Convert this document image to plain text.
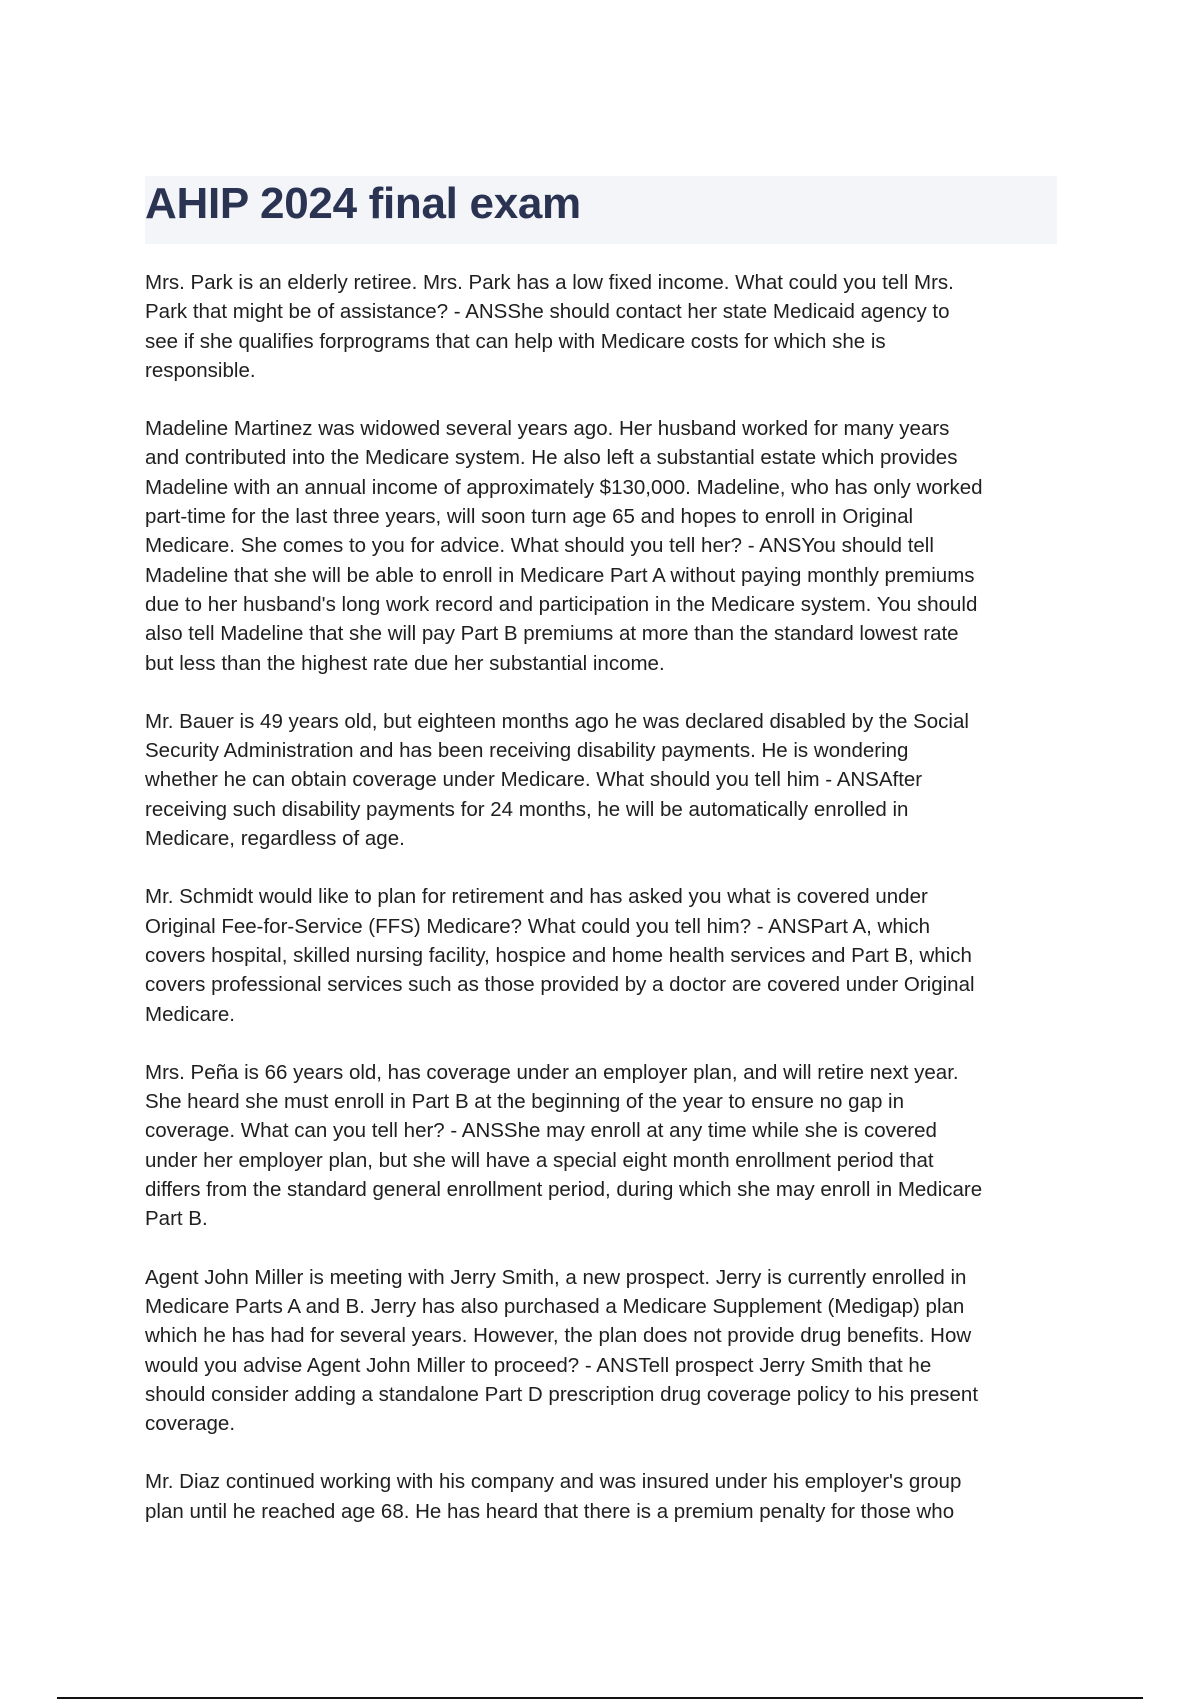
AHIP 2024 final exam

Mrs. Park is an elderly retiree. Mrs. Park has a low fixed income. What could you tell Mrs.
Park that might be of assistance? - ANSShe should contact her state Medicaid agency to
see if she qualifies forprograms that can help with Medicare costs for which she is
responsible.

Madeline Martinez was widowed several years ago. Her husband worked for many years
and contributed into the Medicare system. He also left a substantial estate which provides
Madeline with an annual income of approximately $130,000. Madeline, who has only worked
part-time for the last three years, will soon turn age 65 and hopes to enroll in Original
Medicare. She comes to you for advice. What should you tell her? - ANSYou should tell
Madeline that she will be able to enroll in Medicare Part A without paying monthly premiums
due to her husband's long work record and participation in the Medicare system. You should
also tell Madeline that she will pay Part B premiums at more than the standard lowest rate
but less than the highest rate due her substantial income.

Mr. Bauer is 49 years old, but eighteen months ago he was declared disabled by the Social
Security Administration and has been receiving disability payments. He is wondering
whether he can obtain coverage under Medicare. What should you tell him - ANSAfter
receiving such disability payments for 24 months, he will be automatically enrolled in
Medicare, regardless of age.

Mr. Schmidt would like to plan for retirement and has asked you what is covered under
Original Fee-for-Service (FFS) Medicare? What could you tell him? - ANSPart A, which
covers hospital, skilled nursing facility, hospice and home health services and Part B, which
covers professional services such as those provided by a doctor are covered under Original
Medicare.

Mrs. Peña is 66 years old, has coverage under an employer plan, and will retire next year.
She heard she must enroll in Part B at the beginning of the year to ensure no gap in
coverage. What can you tell her? - ANSShe may enroll at any time while she is covered
under her employer plan, but she will have a special eight month enrollment period that
differs from the standard general enrollment period, during which she may enroll in Medicare
Part B.

Agent John Miller is meeting with Jerry Smith, a new prospect. Jerry is currently enrolled in
Medicare Parts A and B. Jerry has also purchased a Medicare Supplement (Medigap) plan
which he has had for several years. However, the plan does not provide drug benefits. How
would you advise Agent John Miller to proceed? - ANSTell prospect Jerry Smith that he
should consider adding a standalone Part D prescription drug coverage policy to his present
coverage.

Mr. Diaz continued working with his company and was insured under his employer's group
plan until he reached age 68. He has heard that there is a premium penalty for those who
